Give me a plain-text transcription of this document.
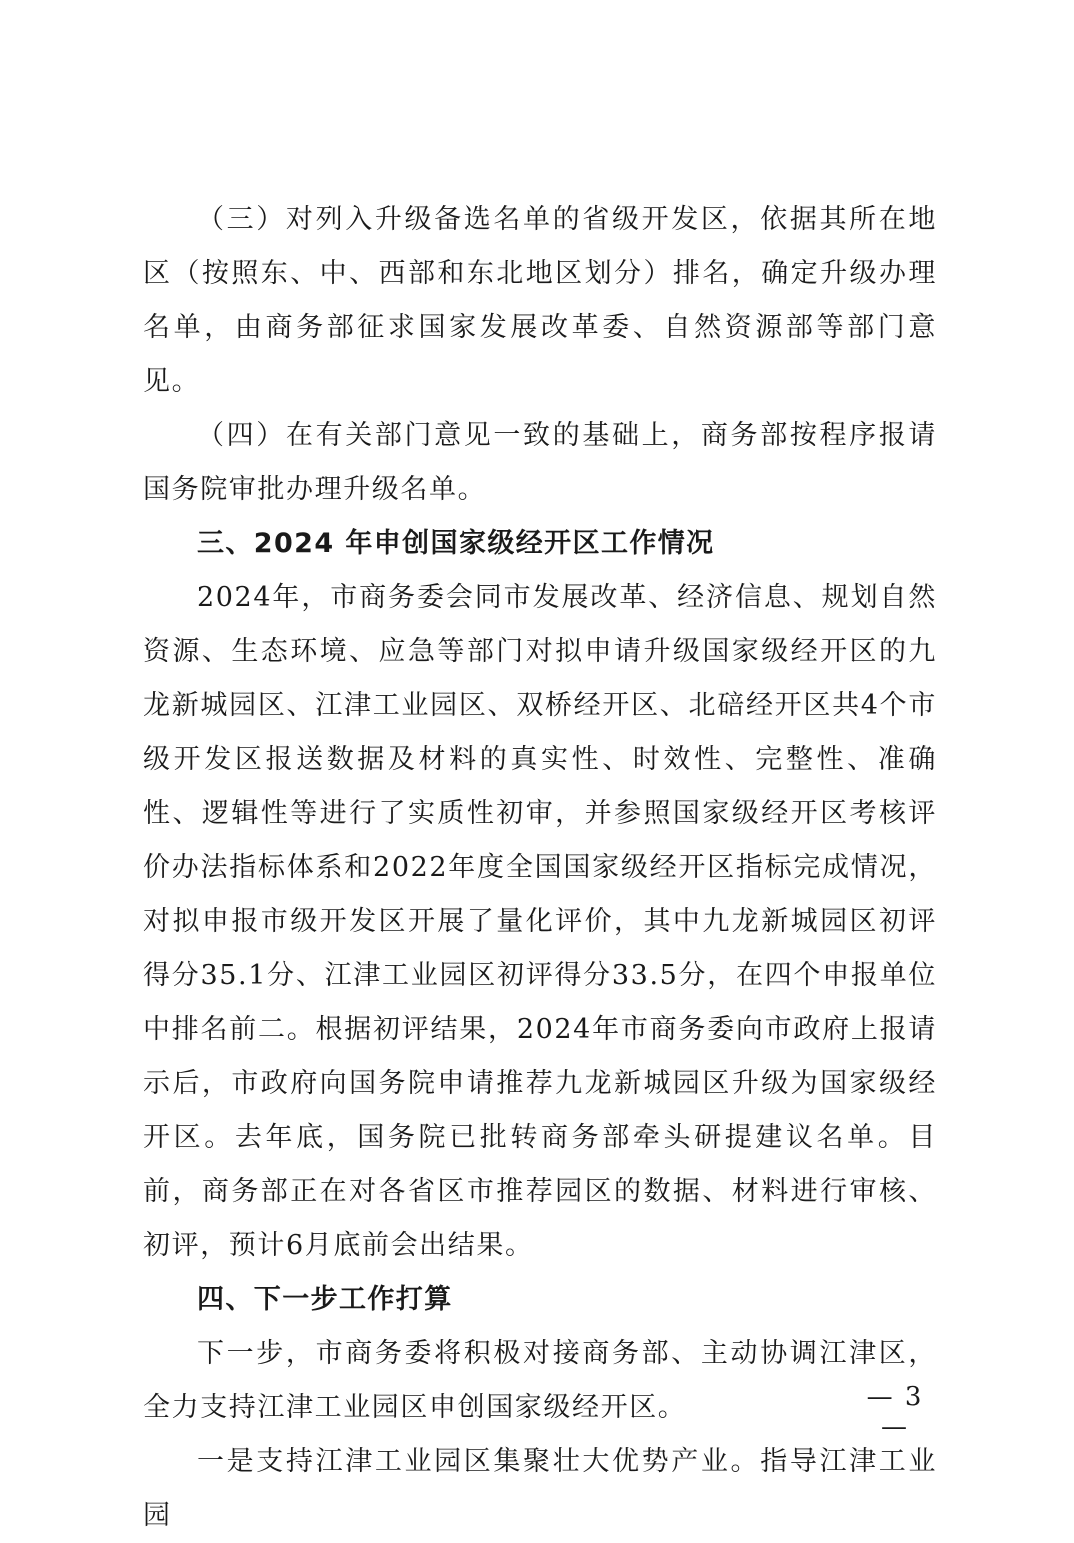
（三）对列入升级备选名单的省级开发区，依据其所在地区（按照东、中、西部和东北地区划分）排名，确定升级办理名单，由商务部征求国家发展改革委、自然资源部等部门意见。

（四）在有关部门意见一致的基础上，商务部按程序报请国务院审批办理升级名单。

三、2024 年申创国家级经开区工作情况

2024年，市商务委会同市发展改革、经济信息、规划自然资源、生态环境、应急等部门对拟申请升级国家级经开区的九龙新城园区、江津工业园区、双桥经开区、北碚经开区共4个市级开发区报送数据及材料的真实性、时效性、完整性、准确性、逻辑性等进行了实质性初审，并参照国家级经开区考核评价办法指标体系和2022年度全国国家级经开区指标完成情况，对拟申报市级开发区开展了量化评价，其中九龙新城园区初评得分35.1分、江津工业园区初评得分33.5分，在四个申报单位中排名前二。根据初评结果，2024年市商务委向市政府上报请示后，市政府向国务院申请推荐九龙新城园区升级为国家级经开区。去年底，国务院已批转商务部牵头研提建议名单。目前，商务部正在对各省区市推荐园区的数据、材料进行审核、初评，预计6月底前会出结果。

四、下一步工作打算

下一步，市商务委将积极对接商务部、主动协调江津区，全力支持江津工业园区申创国家级经开区。

一是支持江津工业园区集聚壮大优势产业。指导江津工业园

— 3 —
